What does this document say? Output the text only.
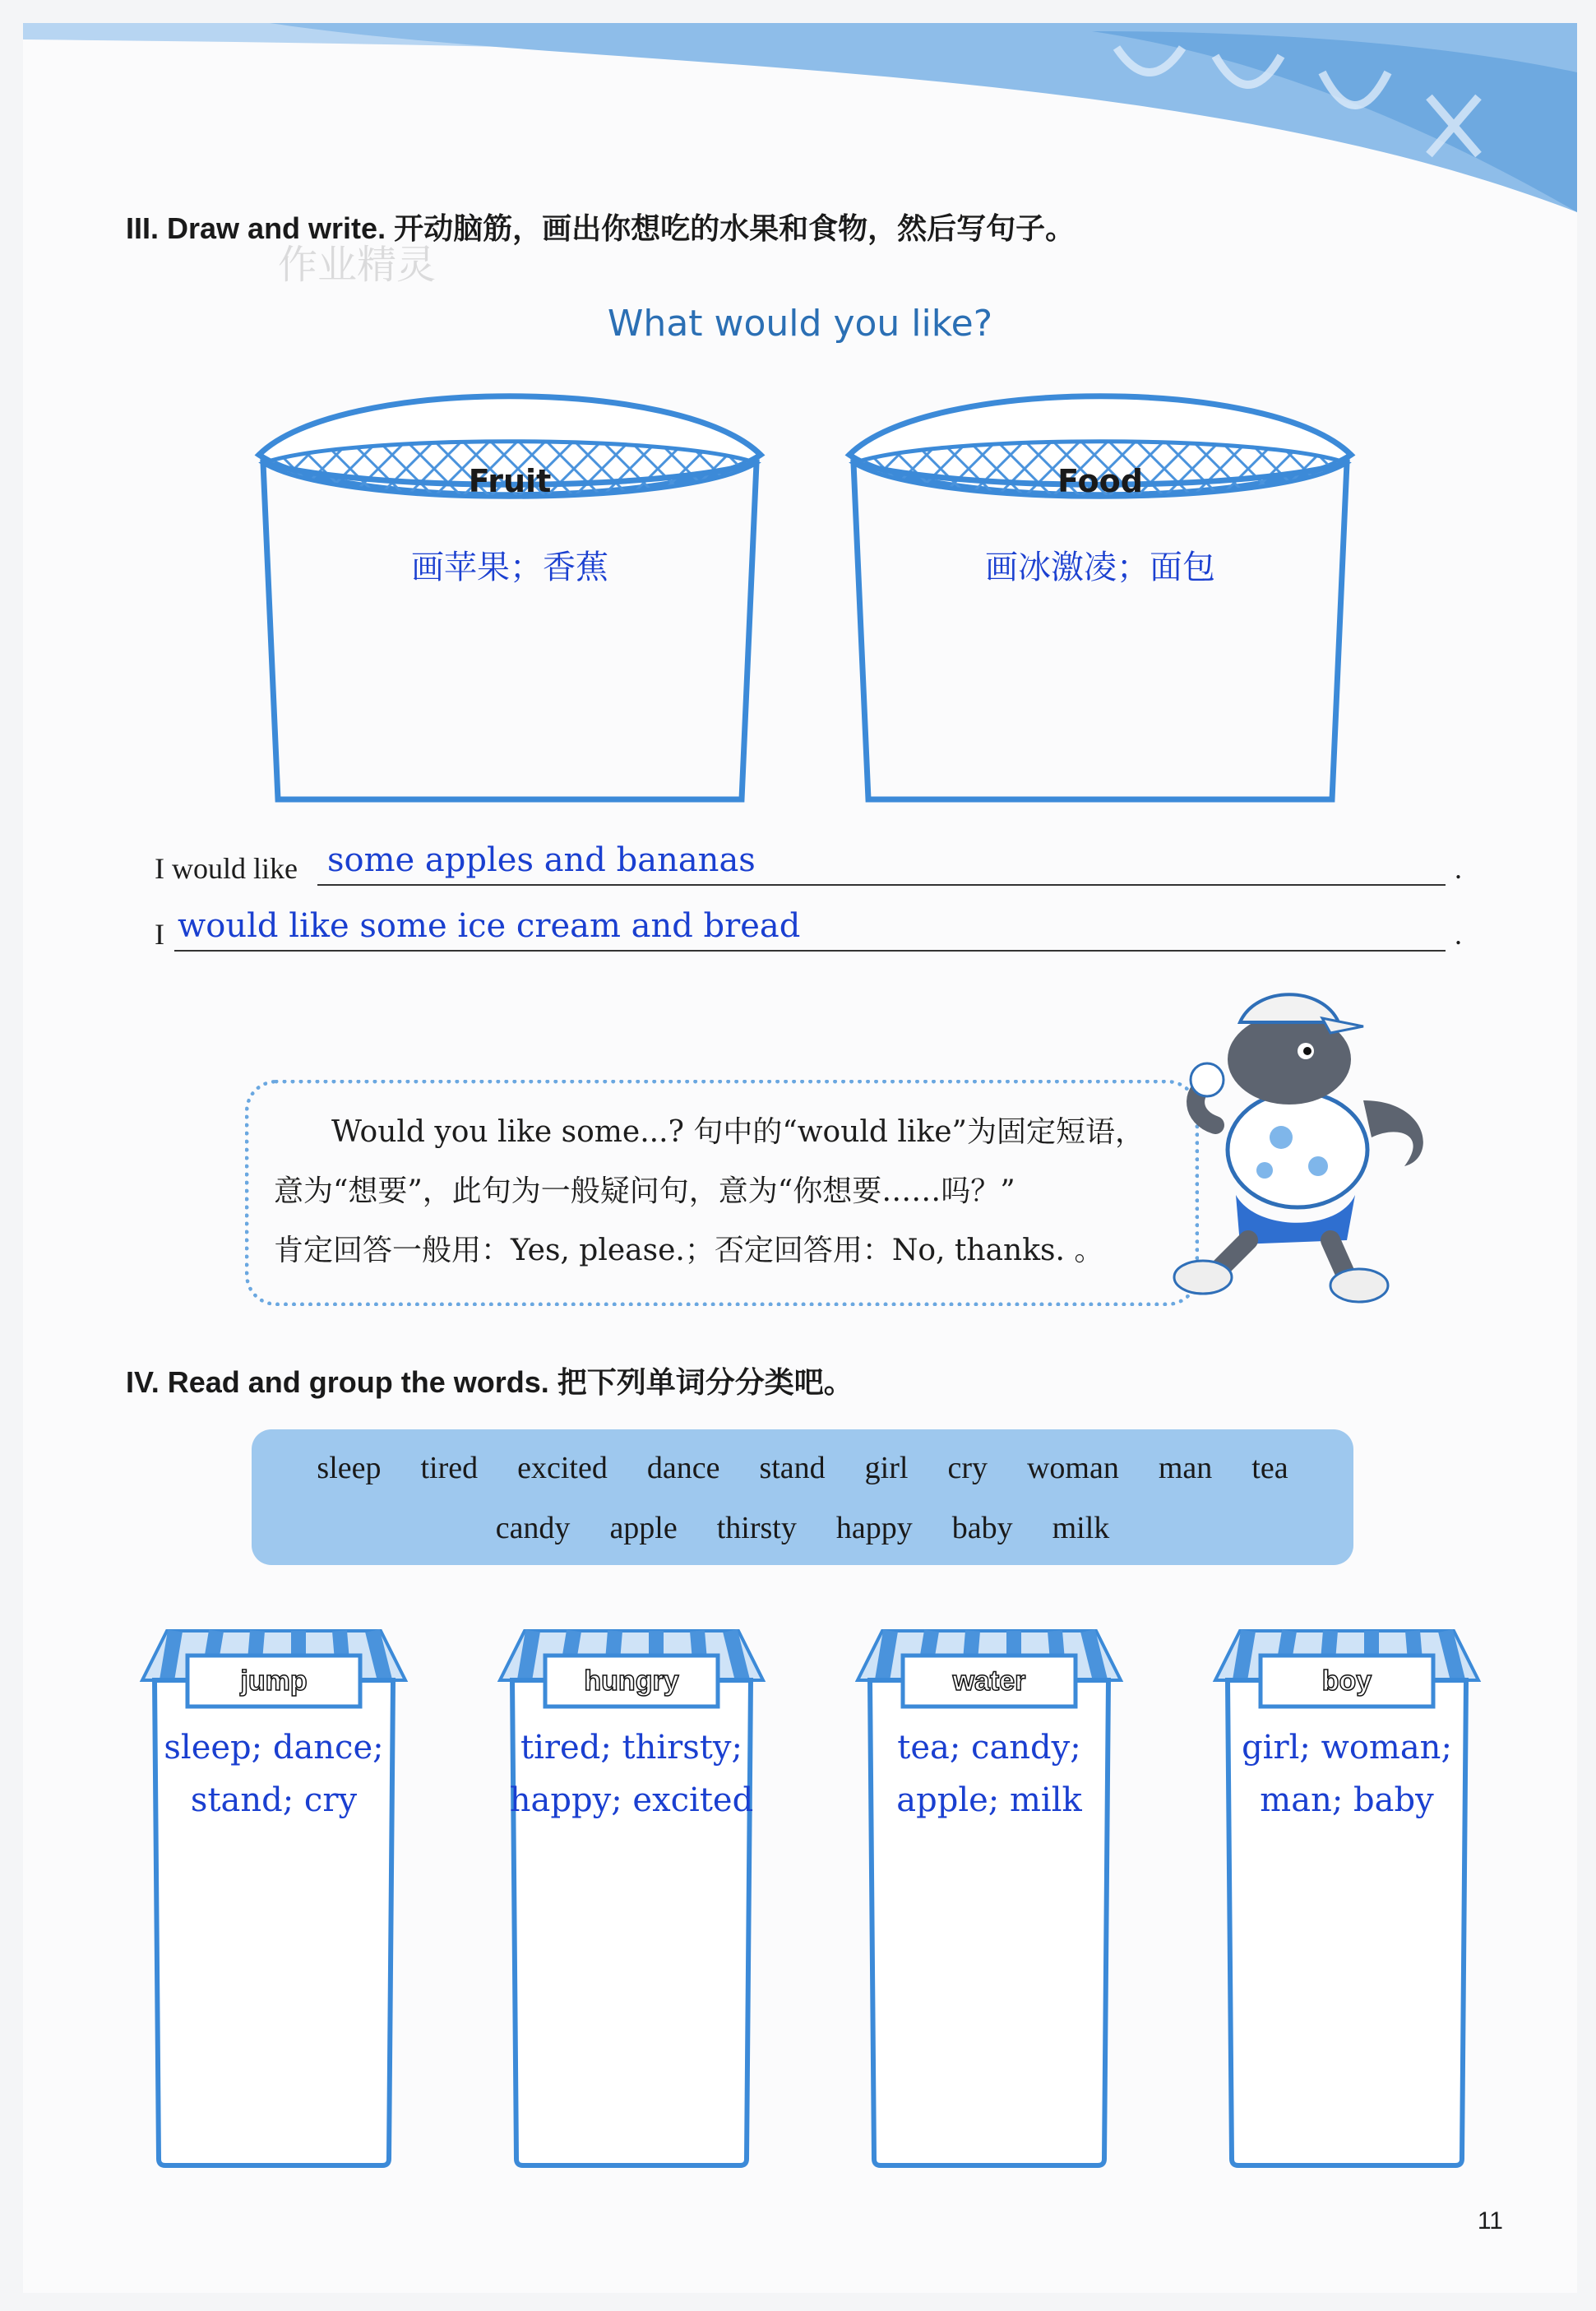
III. Draw and write. 开动脑筋，画出你想吃的水果和食物，然后写句子。
作业精灵
What would you like?
Fruit
画苹果；香蕉
Food
画冰激凌；面包
I would like some apples and bananas	.
I would like some ice cream and bread	.

Would you like some...? 句中的“would like”为固定短语，

意为“想要”，此句为一般疑问句，意为“你想要……吗？”

肯定回答一般用：Yes, please.；否定回答用：No, thanks. 。

IV. Read and group the words. 把下列单词分分类吧。
sleep tired excited dance stand girl cry woman man tea
candy apple thirsty happy baby milk
jump
sleep; dance;
stand; cry
hungry
tired; thirsty;
happy; excited
water
tea; candy;
apple; milk
boy
girl; woman;
man; baby
11
